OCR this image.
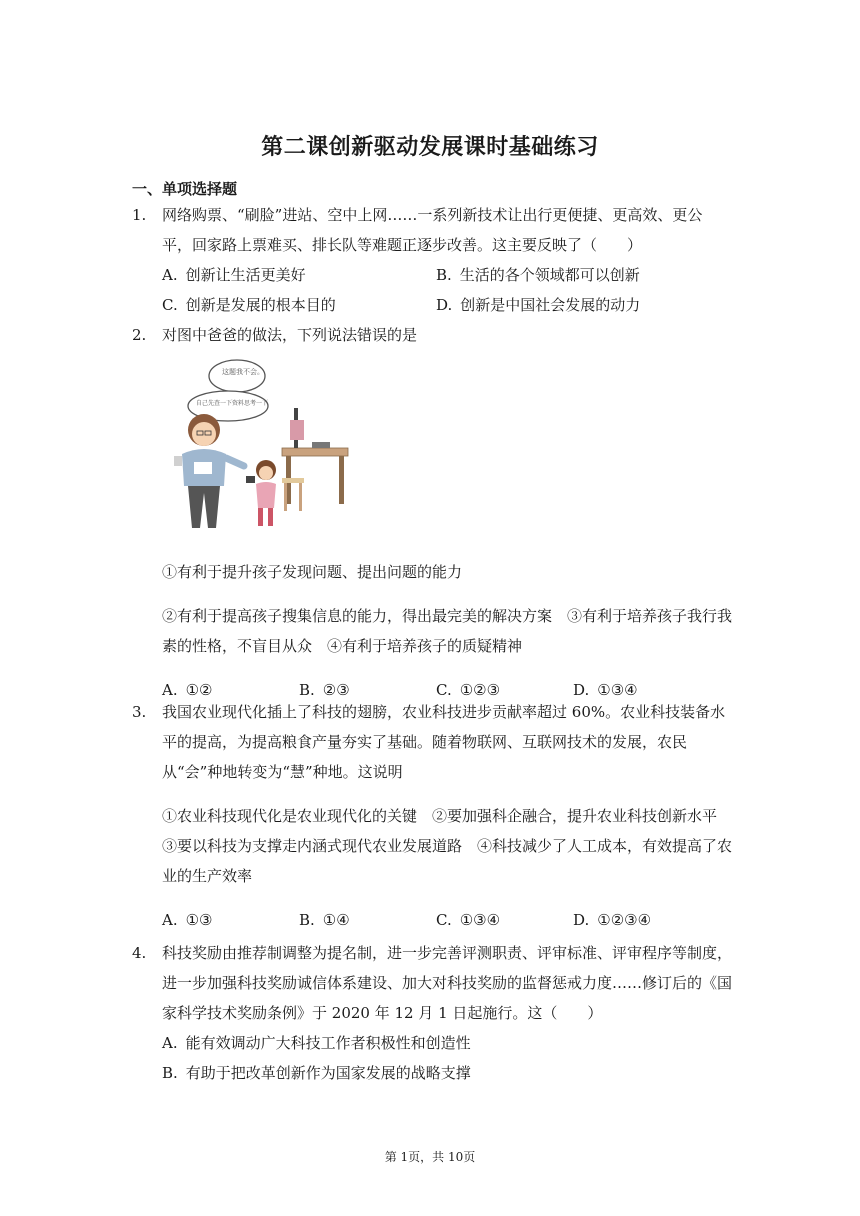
第二课创新驱动发展课时基础练习
一、单项选择题
1. 网络购票、“刷脸”进站、空中上网……一系列新技术让出行更便捷、更高效、更公平，回家路上票难买、排长队等难题正逐步改善。这主要反映了（　　）
A. 创新让生活更美好	B. 生活的各个领域都可以创新
C. 创新是发展的根本目的	D. 创新是中国社会发展的动力
2. 对图中爸爸的做法，下列说法错误的是
这题我不会。
自己先查一下资料思考一下
①有利于提升孩子发现问题、提出问题的能力
②有利于提高孩子搜集信息的能力，得出最完美的解决方案　③有利于培养孩子我行我素的性格，不盲目从众　④有利于培养孩子的质疑精神
A. ①②	B. ②③	C. ①②③	D. ①③④
3. 我国农业现代化插上了科技的翅膀，农业科技进步贡献率超过 60%。农业科技装备水平的提高，为提高粮食产量夯实了基础。随着物联网、互联网技术的发展，农民从“会”种地转变为“慧”种地。这说明
①农业科技现代化是农业现代化的关键　②要加强科企融合，提升农业科技创新水平　③要以科技为支撑走内涵式现代农业发展道路　④科技减少了人工成本，有效提高了农业的生产效率
A. ①③	B. ①④	C. ①③④	D. ①②③④
4. 科技奖励由推荐制调整为提名制，进一步完善评测职责、评审标准、评审程序等制度，进一步加强科技奖励诚信体系建设、加大对科技奖励的监督惩戒力度……修订后的《国家科学技术奖励条例》于 2020 年 12 月 1 日起施行。这（　　）
A. 能有效调动广大科技工作者积极性和创造性
B. 有助于把改革创新作为国家发展的战略支撑
第 1页，共 10页
